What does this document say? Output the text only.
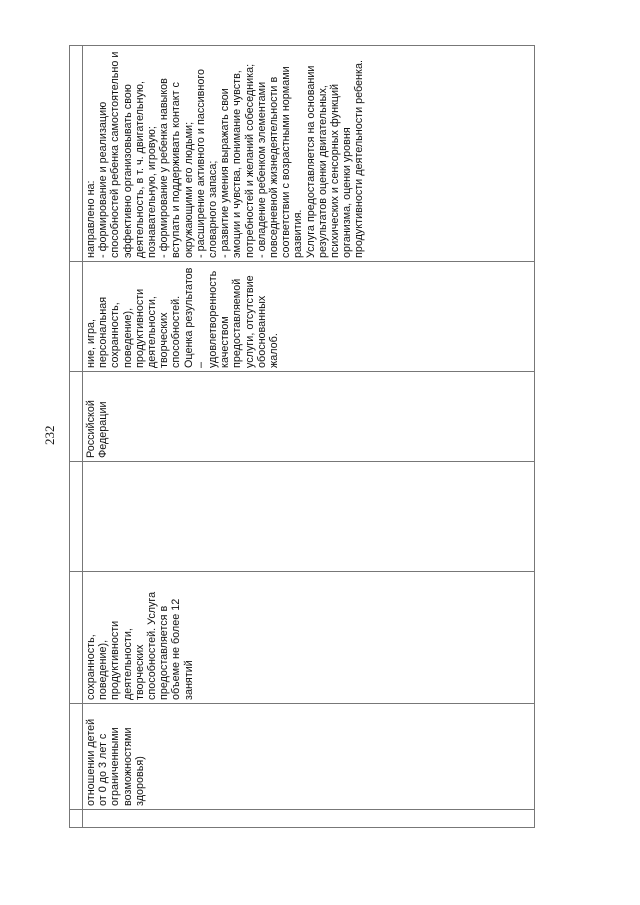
232
отношении детей от 0 до 3 лет с ограниченными возможностями здоровья)
сохранность, поведение), продуктивности деятельности, творческих способностей. Услуга предоставляется в объеме не более 12 занятий
Российской Федерации
ние, игра, персональная сохранность, поведение), продуктивности деятельности, творческих способностей. Оценка результатов – удовлетворенность качеством предоставляемой услуги, отсутствие обоснованных жалоб.
направлено на:
- формирование и реализацию способностей ребенка самостоятельно и эффективно организовывать свою деятельность, в т. ч. двигательную, познавательную, игровую;
- формирование у ребенка навыков вступать и поддерживать контакт с окружающими его людьми;
- расширение активного и пассивного словарного запаса;
- развитие умения выражать свои эмоции и чувства, понимание чувств, потребностей и желаний собеседника;
- овладение ребенком элементами повседневной жизнедеятельности в соответствии с возрастными нормами развития.
Услуга предоставляется на основании результатов оценки двигательных, психических и сенсорных функций организма, оценки уровня продуктивности деятельности ребенка.
